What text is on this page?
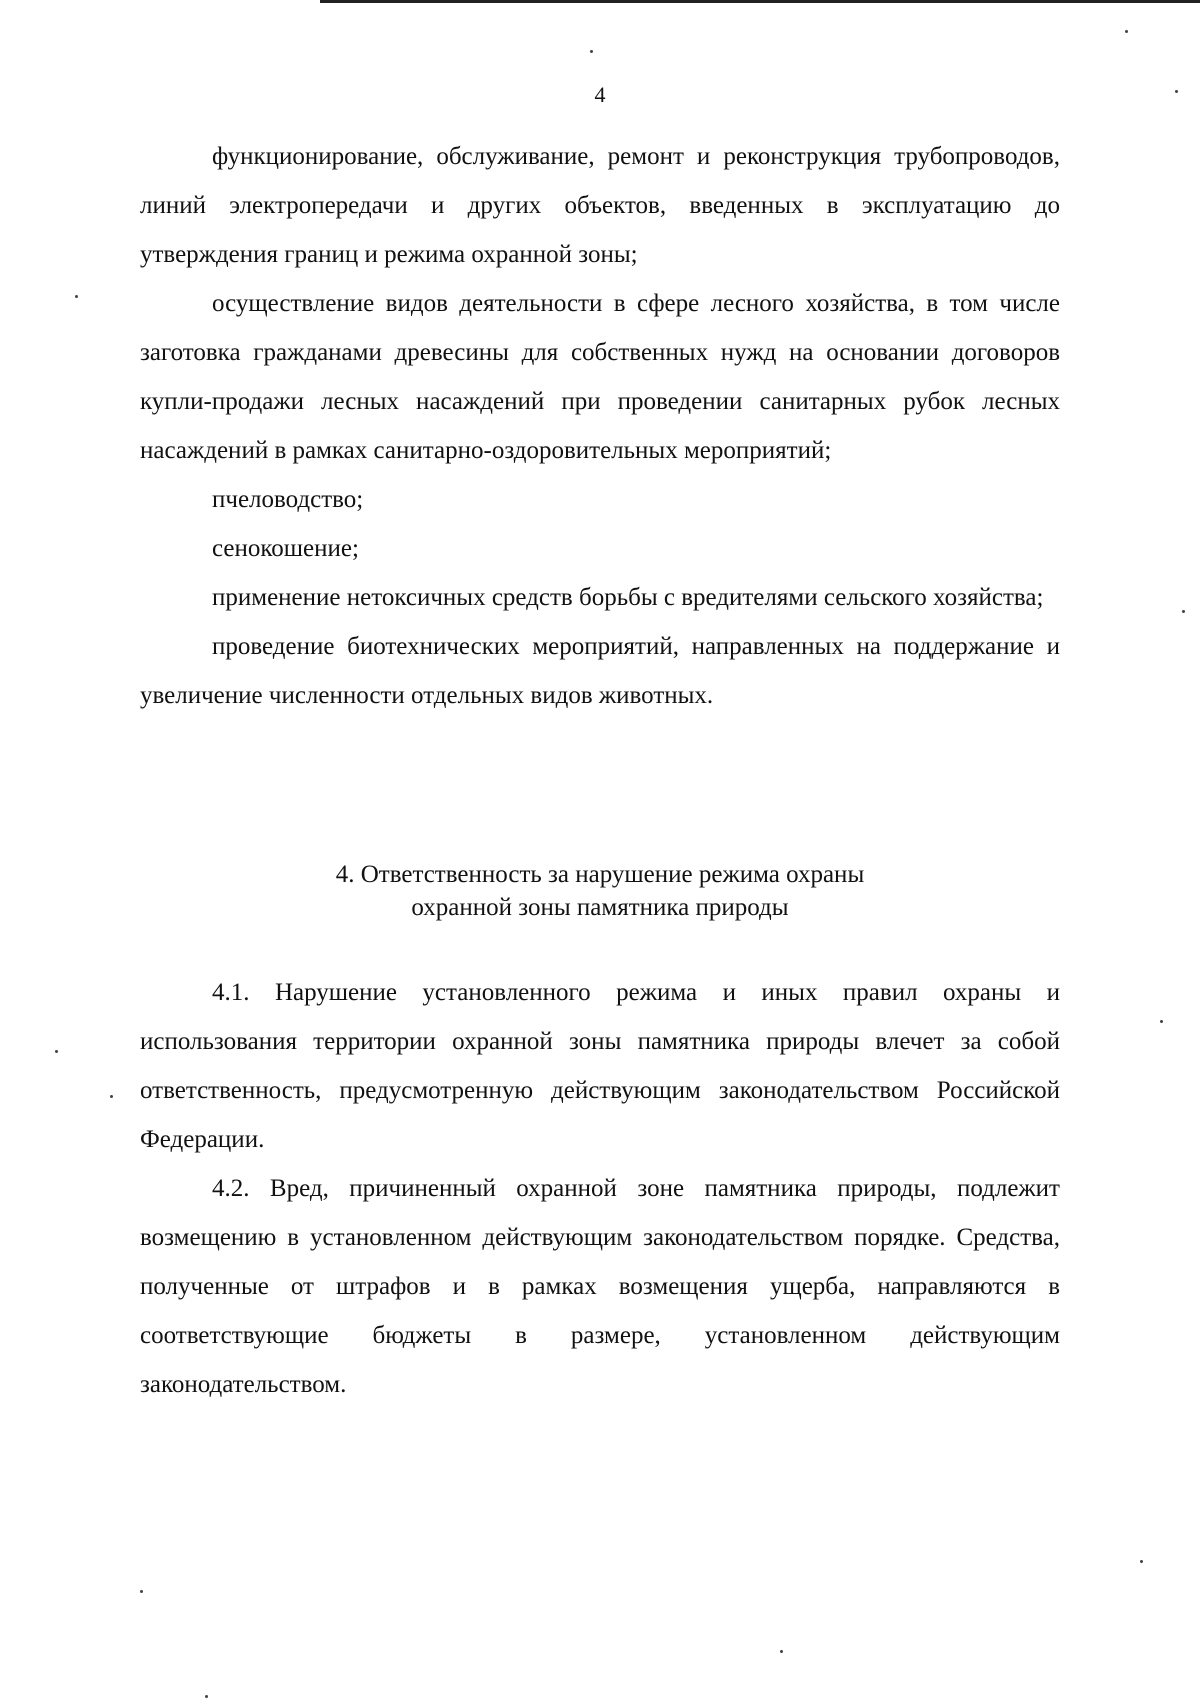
4

функционирование, обслуживание, ремонт и реконструкция трубопроводов, линий электропередачи и других объектов, введенных в эксплуатацию до утверждения границ и режима охранной зоны;

осуществление видов деятельности в сфере лесного хозяйства, в том числе заготовка гражданами древесины для собственных нужд на основании договоров купли-продажи лесных насаждений при проведении санитарных рубок лесных насаждений в рамках санитарно-оздоровительных мероприятий;

пчеловодство;

сенокошение;

применение нетоксичных средств борьбы с вредителями сельского хозяйства;

проведение биотехнических мероприятий, направленных на поддержание и увеличение численности отдельных видов животных.

4. Ответственность за нарушение режима охраны
охранной зоны памятника природы

4.1. Нарушение установленного режима и иных правил охраны и использования территории охранной зоны памятника природы влечет за собой ответственность, предусмотренную действующим законодательством Российской Федерации.

4.2. Вред, причиненный охранной зоне памятника природы, подлежит возмещению в установленном действующим законодательством порядке. Средства, полученные от штрафов и в рамках возмещения ущерба, направляются в соответствующие бюджеты в размере, установленном действующим законодательством.
